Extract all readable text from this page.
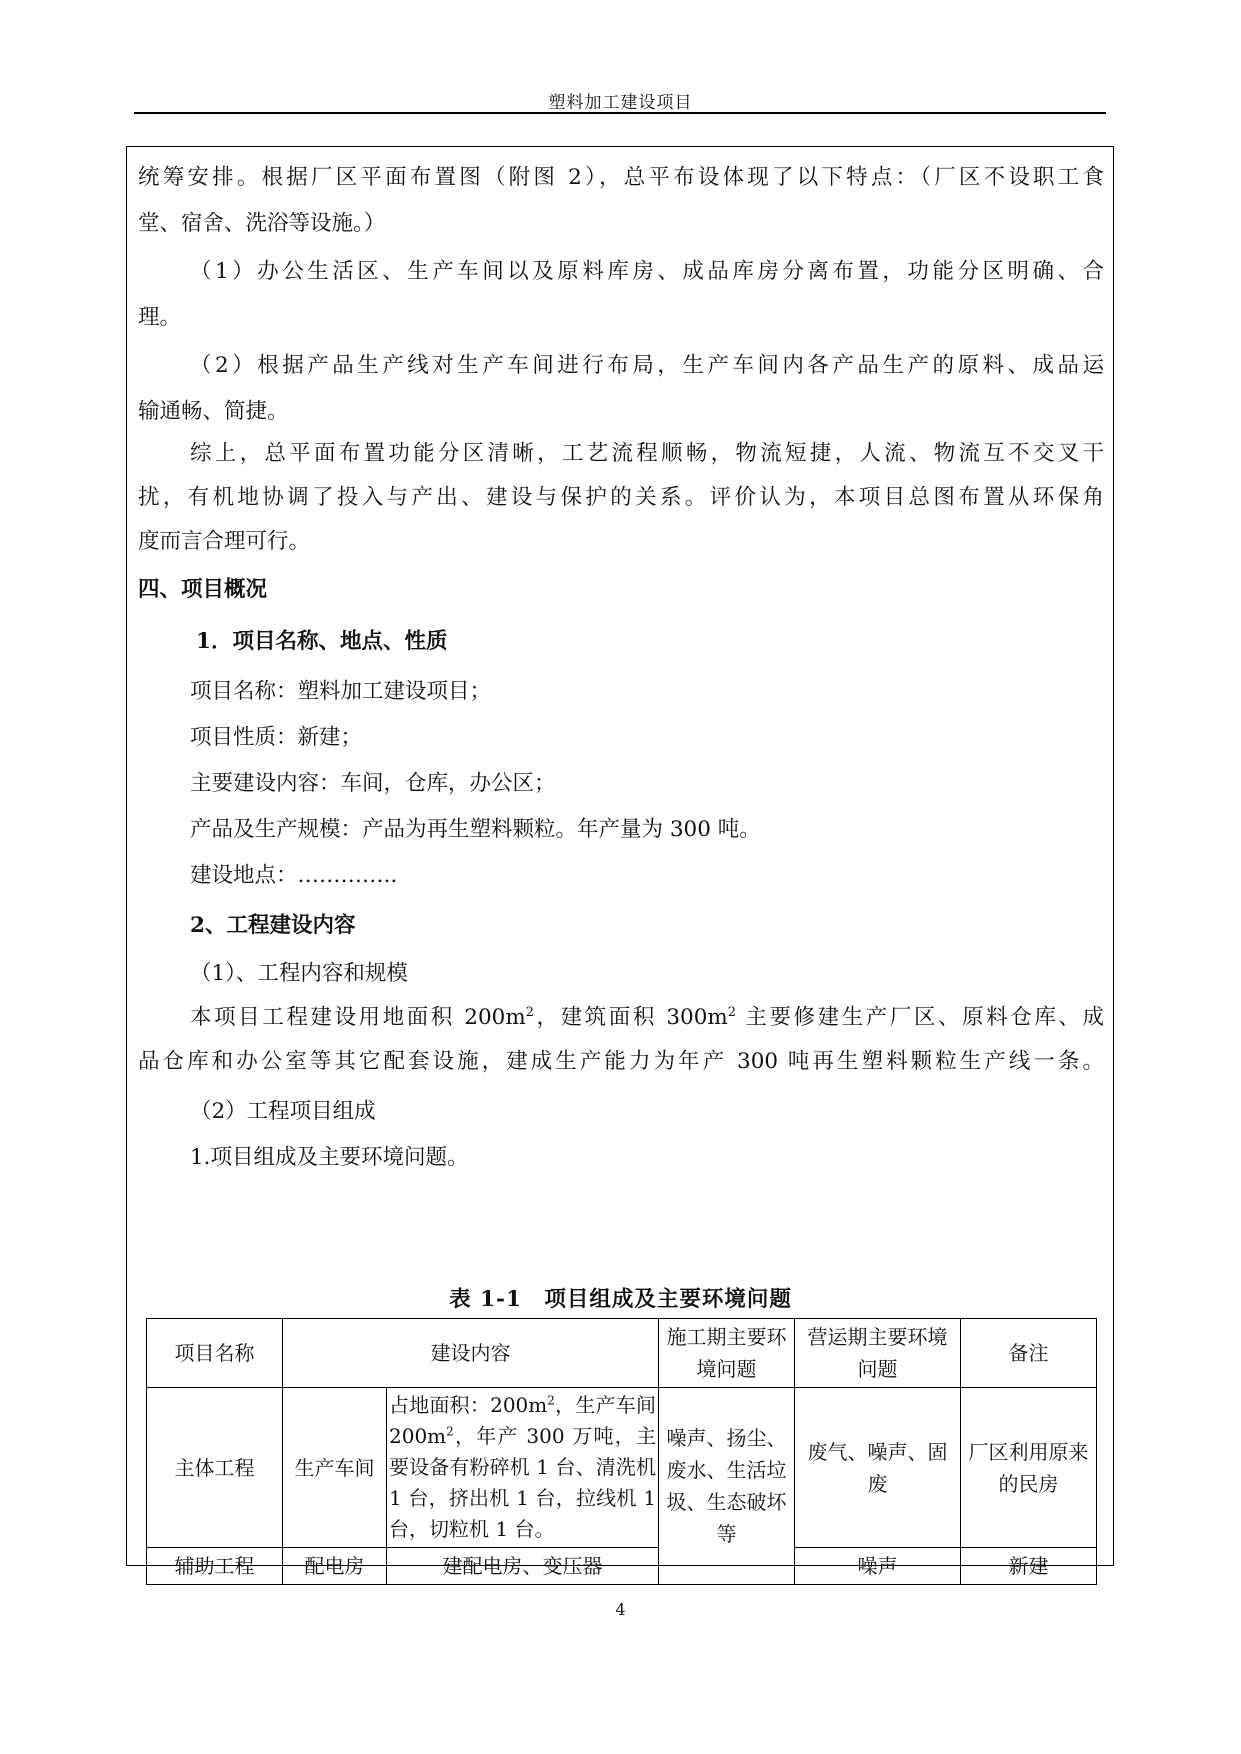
塑料加工建设项目
统筹安排。根据厂区平面布置图（附图 2），总平布设体现了以下特点：（厂区不设职工食
堂、宿舍、洗浴等设施。）
（1）办公生活区、生产车间以及原料库房、成品库房分离布置，功能分区明确、合
理。
（2）根据产品生产线对生产车间进行布局，生产车间内各产品生产的原料、成品运
输通畅、简捷。
综上，总平面布置功能分区清晰，工艺流程顺畅，物流短捷，人流、物流互不交叉干
扰，有机地协调了投入与产出、建设与保护的关系。评价认为，本项目总图布置从环保角
度而言合理可行。
四、项目概况
1．项目名称、地点、性质
项目名称：塑料加工建设项目；
项目性质：新建；
主要建设内容：车间，仓库，办公区；
产品及生产规模：产品为再生塑料颗粒。年产量为 300 吨。
建设地点：…………..
2、工程建设内容
（1）、工程内容和规模
本项目工程建设用地面积 $200m^2$，建筑面积 $300m^2$ 主要修建生产厂区、原料仓库、成
品仓库和办公室等其它配套设施，建成生产能力为年产 300 吨再生塑料颗粒生产线一条。
（2）工程项目组成
1.项目组成及主要环境问题。
表 1-1　项目组成及主要环境问题
项目名称	建设内容		施工期主要环境问题	营运期主要环境问题	备注
主体工程	生产车间	占地面积：$200m^2$，生产车间 $200m^2$，年产 300 万吨，主要设备有粉碎机 1 台、清洗机 1 台，挤出机 1 台，拉线机 1 台，切粒机 1 台。	噪声、扬尘、废水、生活垃圾、生态破坏等	废气、噪声、固废	厂区利用原来的民房
辅助工程	配电房	建配电房、变压器		噪声	新建
4
